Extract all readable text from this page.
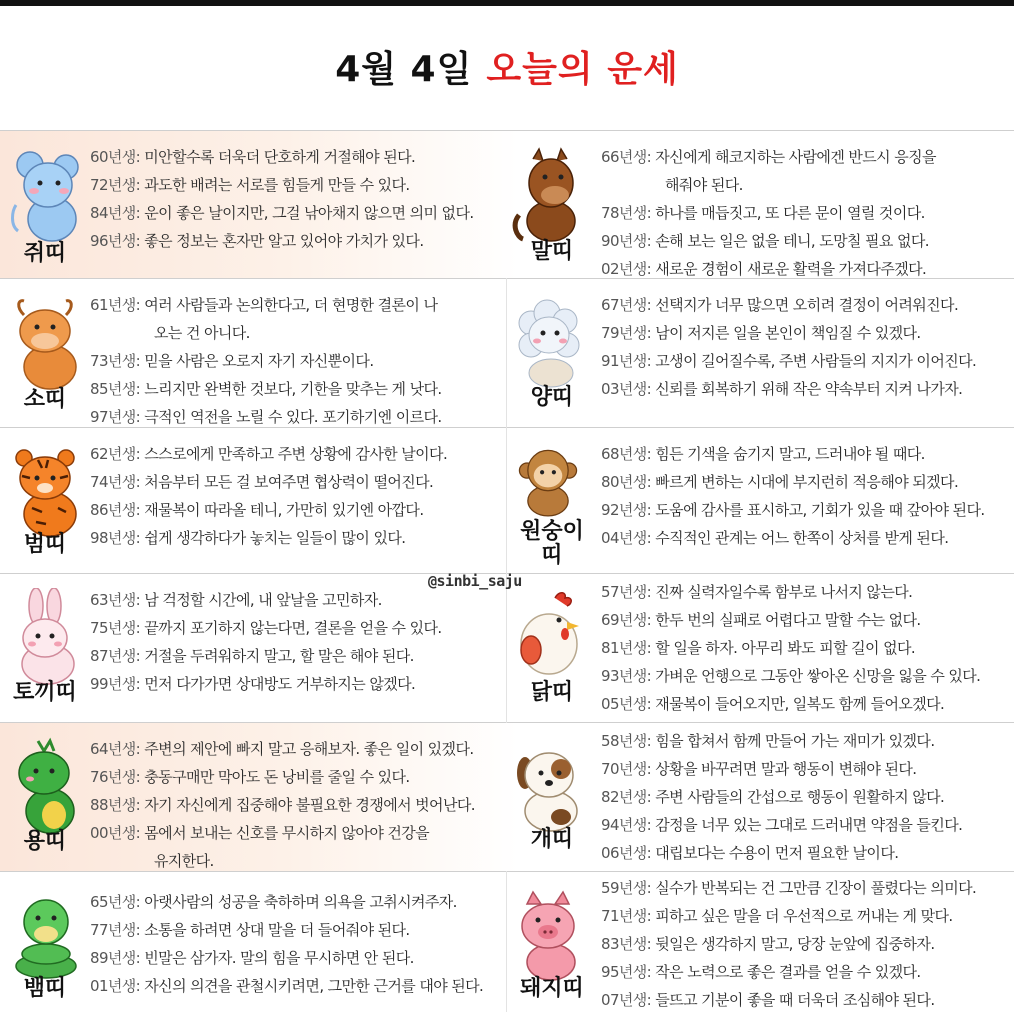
4월 4일 오늘의 운세
쥐띠
60년생: 미안할수록 더욱더 단호하게 거절해야 된다.
72년생: 과도한 배려는 서로를 힘들게 만들 수 있다.
84년생: 운이 좋은 날이지만, 그걸 낚아채지 않으면 의미 없다.
96년생: 좋은 정보는 혼자만 알고 있어야 가치가 있다.
소띠
61년생: 여러 사람들과 논의한다고, 더 현명한 결론이 나
오는 건 아니다.
73년생: 믿을 사람은 오로지 자기 자신뿐이다.
85년생: 느리지만 완벽한 것보다, 기한을 맞추는 게 낫다.
97년생: 극적인 역전을 노릴 수 있다. 포기하기엔 이르다.
범띠
62년생: 스스로에게 만족하고 주변 상황에 감사한 날이다.
74년생: 처음부터 모든 걸 보여주면 협상력이 떨어진다.
86년생: 재물복이 따라올 테니, 가만히 있기엔 아깝다.
98년생: 쉽게 생각하다가 놓치는 일들이 많이 있다.
토끼띠
63년생: 남 걱정할 시간에, 내 앞날을 고민하자.
75년생: 끝까지 포기하지 않는다면, 결론을 얻을 수 있다.
87년생: 거절을 두려워하지 말고, 할 말은 해야 된다.
99년생: 먼저 다가가면 상대방도 거부하지는 않겠다.
용띠
64년생: 주변의 제안에 빠지 말고 응해보자. 좋은 일이 있겠다.
76년생: 충동구매만 막아도 돈 낭비를 줄일 수 있다.
88년생: 자기 자신에게 집중해야 불필요한 경쟁에서 벗어난다.
00년생: 몸에서 보내는 신호를 무시하지 않아야 건강을
유지한다.
뱀띠
65년생: 아랫사람의 성공을 축하하며 의욕을 고취시켜주자.
77년생: 소통을 하려면 상대 말을 더 들어줘야 된다.
89년생: 빈말은 삼가자. 말의 힘을 무시하면 안 된다.
01년생: 자신의 의견을 관철시키려면, 그만한 근거를 대야 된다.
말띠
66년생: 자신에게 해코지하는 사람에겐 반드시 응징을
해줘야 된다.
78년생: 하나를 매듭짓고, 또 다른 문이 열릴 것이다.
90년생: 손해 보는 일은 없을 테니, 도망칠 필요 없다.
02년생: 새로운 경험이 새로운 활력을 가져다주겠다.
양띠
67년생: 선택지가 너무 많으면 오히려 결정이 어려워진다.
79년생: 남이 저지른 일을 본인이 책임질 수 있겠다.
91년생: 고생이 길어질수록, 주변 사람들의 지지가 이어진다.
03년생: 신뢰를 회복하기 위해 작은 약속부터 지켜 나가자.
원숭이
띠
68년생: 힘든 기색을 숨기지 말고, 드러내야 될 때다.
80년생: 빠르게 변하는 시대에 부지런히 적응해야 되겠다.
92년생: 도움에 감사를 표시하고, 기회가 있을 때 갚아야 된다.
04년생: 수직적인 관계는 어느 한쪽이 상처를 받게 된다.
닭띠
57년생: 진짜 실력자일수록 함부로 나서지 않는다.
69년생: 한두 번의 실패로 어렵다고 말할 수는 없다.
81년생: 할 일을 하자. 아무리 봐도 피할 길이 없다.
93년생: 가벼운 언행으로 그동안 쌓아온 신망을 잃을 수 있다.
05년생: 재물복이 들어오지만, 일복도 함께 들어오겠다.
개띠
58년생: 힘을 합쳐서 함께 만들어 가는 재미가 있겠다.
70년생: 상황을 바꾸려면 말과 행동이 변해야 된다.
82년생: 주변 사람들의 간섭으로 행동이 원활하지 않다.
94년생: 감정을 너무 있는 그대로 드러내면 약점을 들킨다.
06년생: 대립보다는 수용이 먼저 필요한 날이다.
돼지띠
59년생: 실수가 반복되는 건 그만큼 긴장이 풀렸다는 의미다.
71년생: 피하고 싶은 말을 더 우선적으로 꺼내는 게 맞다.
83년생: 뒷일은 생각하지 말고, 당장 눈앞에 집중하자.
95년생: 작은 노력으로 좋은 결과를 얻을 수 있겠다.
07년생: 들뜨고 기분이 좋을 때 더욱더 조심해야 된다.
@sinbi_saju
